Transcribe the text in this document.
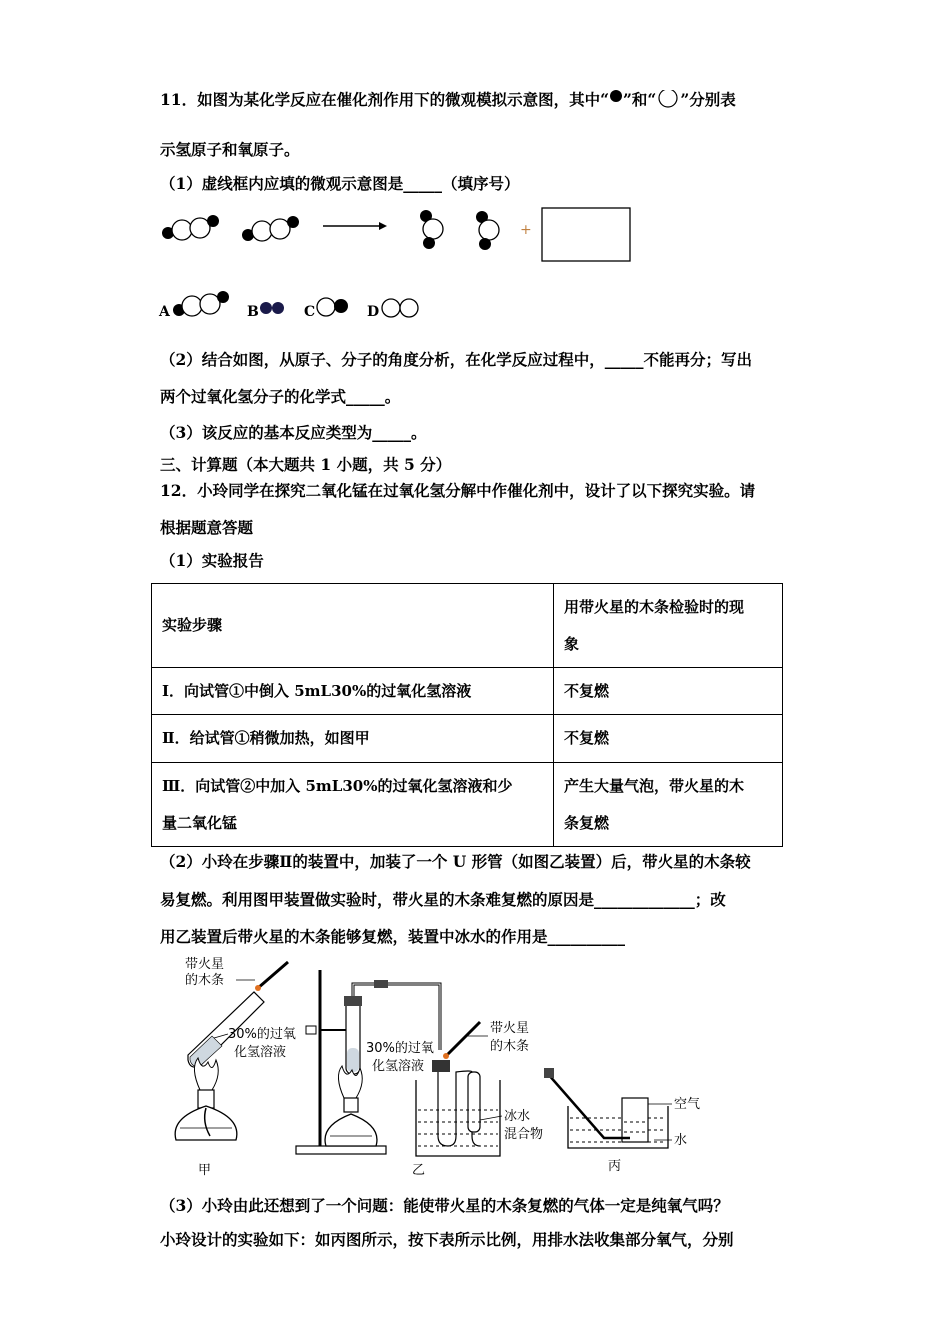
11．如图为某化学反应在催化剂作用下的微观模拟示意图，其中“ ”和“ ”分别表
示氢原子和氧原子。
（1）虚线框内应填的微观示意图是_____（填序号）
+
A	B	C	D
（2）结合如图，从原子、分子的角度分析，在化学反应过程中，_____不能再分；写出
两个过氧化氢分子的化学式_____。
（3）该反应的基本反应类型为_____。
三、计算题（本大题共 1 小题，共 5 分）
12．小玲同学在探究二氧化锰在过氧化氢分解中作催化剂中，设计了以下探究实验。请
根据题意答题
（1）实验报告
实验步骤	用带火星的木条检验时的现
象
I．向试管①中倒入 5mL30%的过氧化氢溶液	不复燃
Ⅱ．给试管①稍微加热，如图甲	不复燃
Ⅲ．向试管②中加入 5mL30%的过氧化氢溶液和少
量二氧化锰	产生大量气泡，带火星的木
条复燃
（2）小玲在步骤Ⅱ的装置中，加装了一个 U 形管（如图乙装置）后，带火星的木条较
易复燃。利用图甲装置做实验时，带火星的木条难复燃的原因是_____________；改
用乙装置后带火星的木条能够复燃，装置中冰水的作用是__________
带火星
的木条
30%的过氧
化氢溶液
甲
30%的过氧
化氢溶液
冰水
混合物
带火星
的木条
乙
空气
水
丙
（3）小玲由此还想到了一个问题：能使带火星的木条复燃的气体一定是纯氧气吗？
小玲设计的实验如下：如丙图所示，按下表所示比例，用排水法收集部分氧气，分别
